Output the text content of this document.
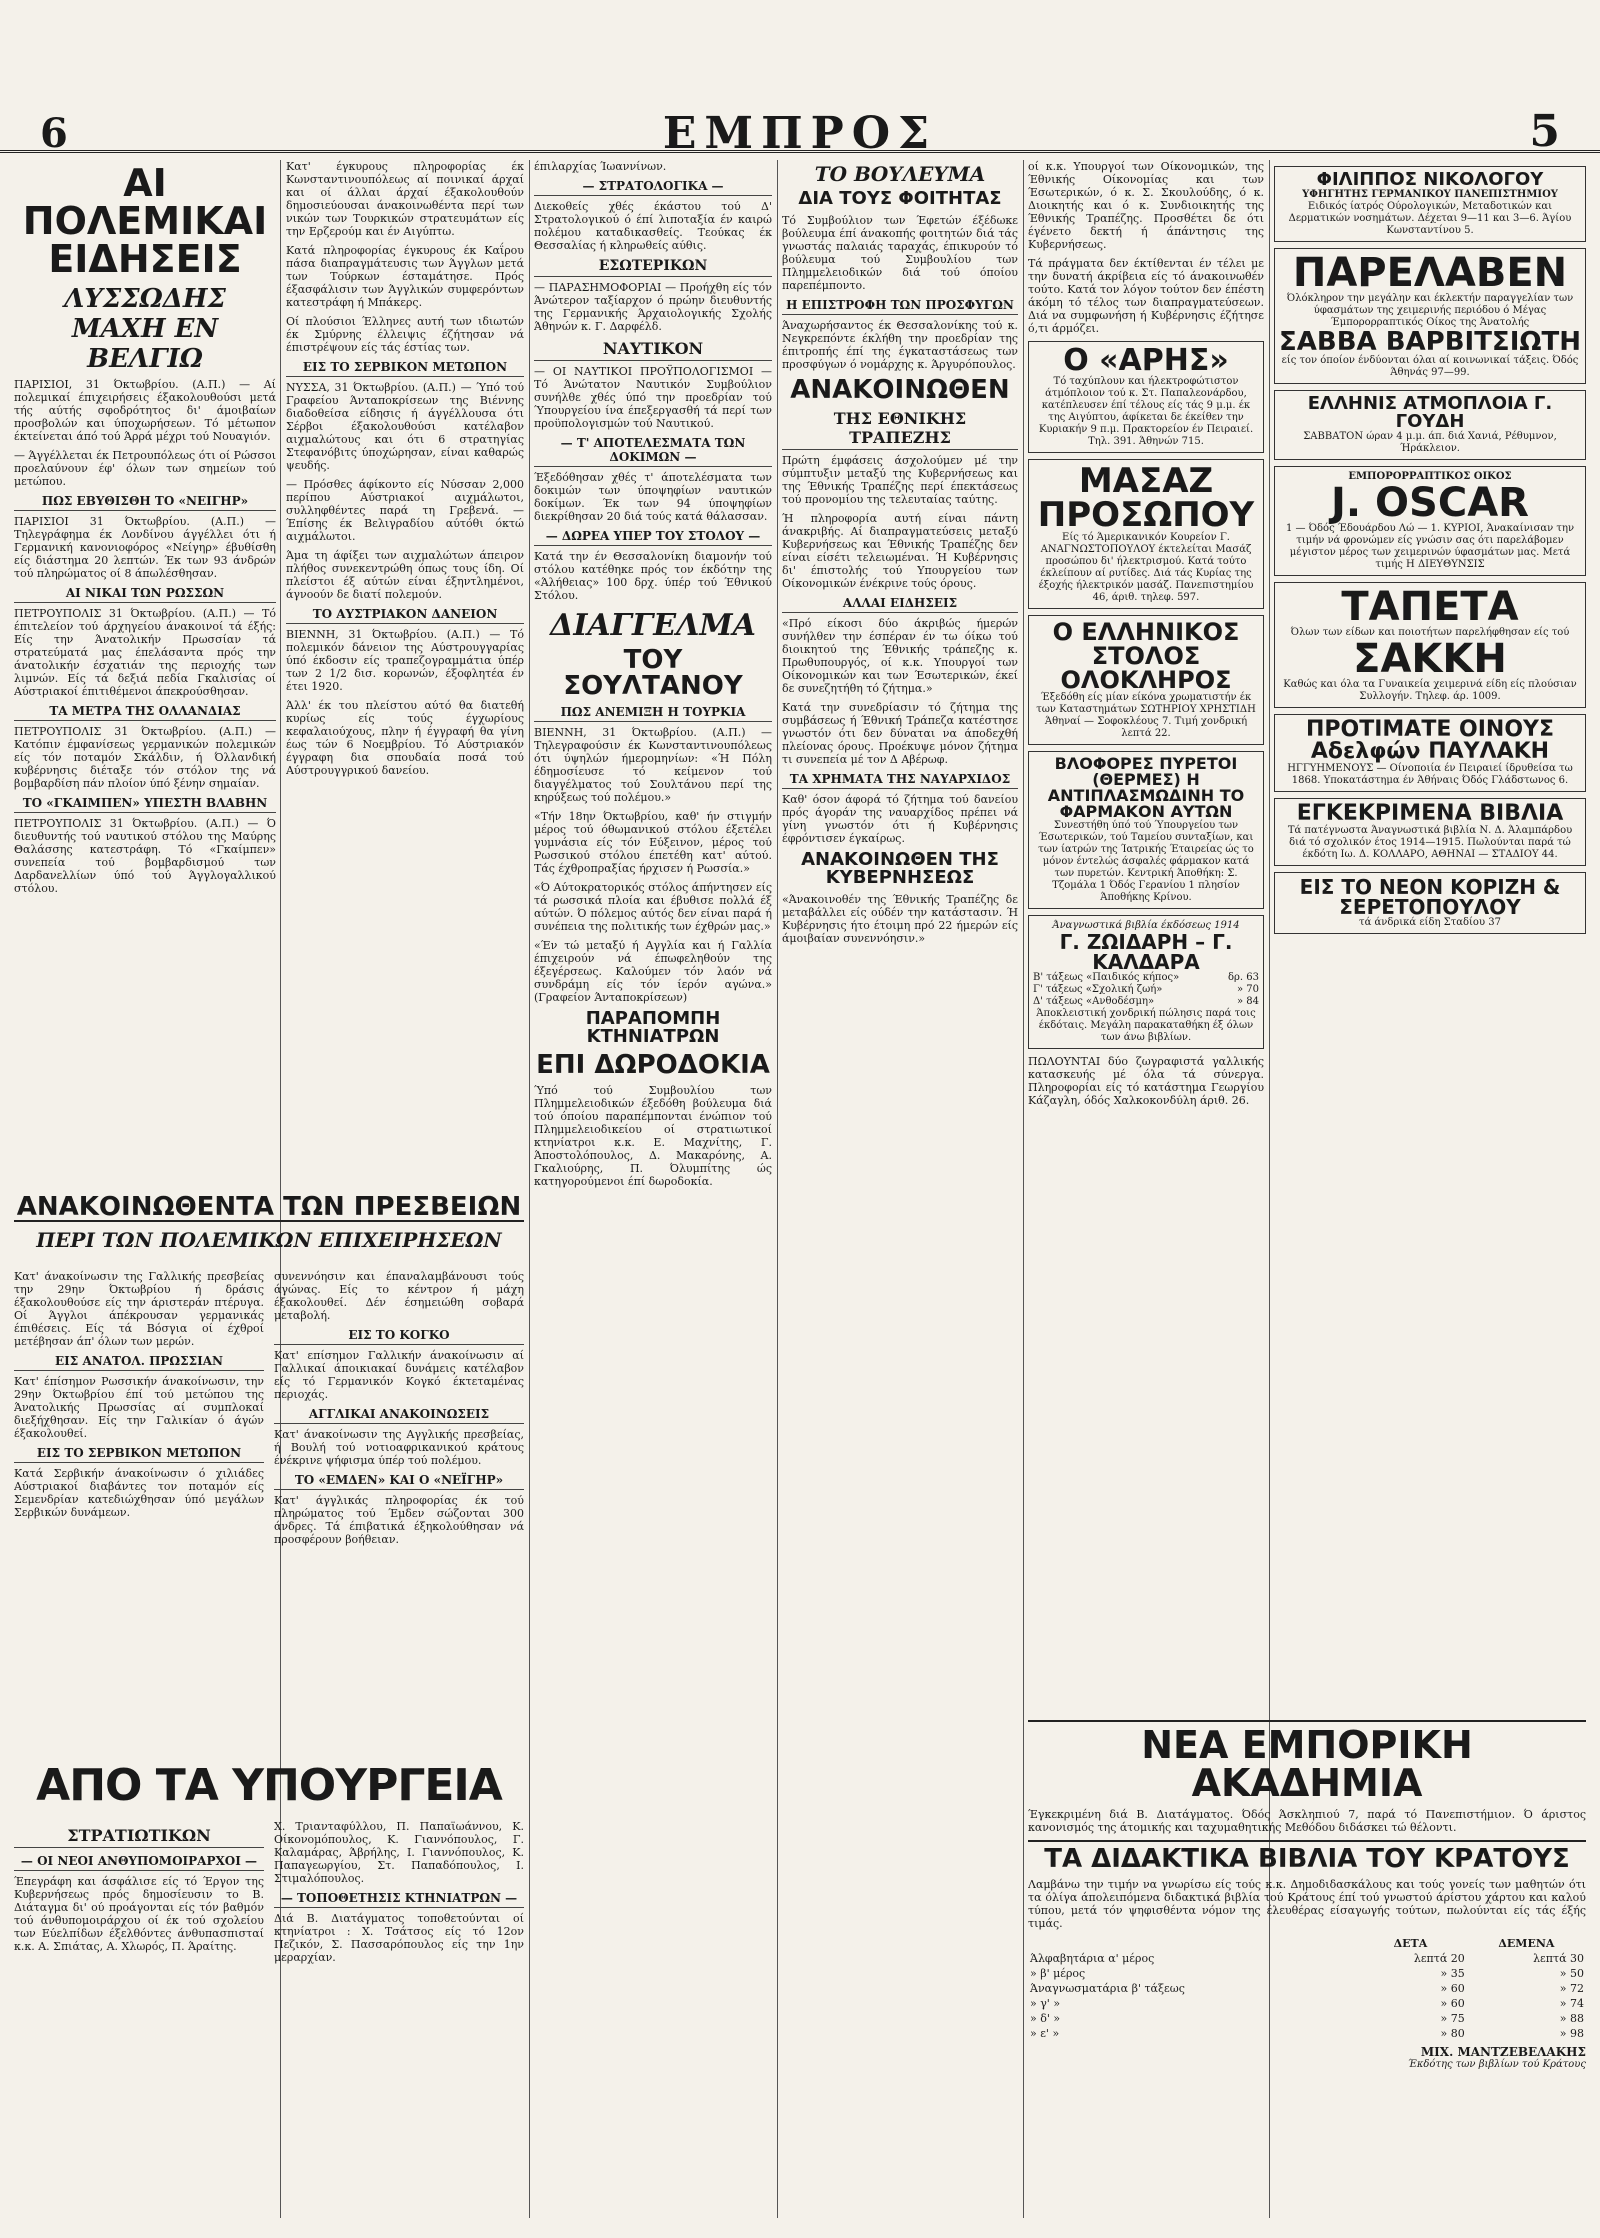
6	ΕΜΠΡΟΣ	5
ΑΙ ΠΟΛΕΜΙΚΑΙ ΕΙΔΗΣΕΙΣ
ΛΥΣΣΩΔΗΣ ΜΑΧΗ ΕΝ ΒΕΛΓΙΩ

ΠΑΡΙΣΙΟΙ, 31 Όκτωβρίου. (Α.Π.) — Αί πολεμικαί έπιχειρήσεις έξακολουθούσι μετά τής αύτής σφοδρότητος δι' άμοιβαίων προσβολών και ύποχωρήσεων. Τό μέτωπον έκτείνεται άπό τού Άρρά μέχρι τού Νουαγιόν.

— Άγγέλλεται έκ Πετρουπόλεως ότι οί Ρώσσοι προελαύνουν έφ' όλων των σημείων τού μετώπου.

ΠΩΣ ΕΒΥΘΙΣΘΗ ΤΟ «ΝΕΙΓΗΡ»

ΠΑΡΙΣΙΟΙ 31 Όκτωβρίου. (Α.Π.) — Τηλεγράφημα έκ Λονδίνου άγγέλλει ότι ή Γερμανική κανονιοφόρος «Νείγηρ» έβυθίσθη είς διάστημα 20 λεπτών. Έκ των 93 άνδρών τού πληρώματος οί 8 άπωλέσθησαν.

ΑΙ ΝΙΚΑΙ ΤΩΝ ΡΩΣΣΩΝ

ΠΕΤΡΟΥΠΟΛΙΣ 31 Όκτωβρίου. (Α.Π.) — Τό έπιτελείον τού άρχηγείου άνακοινοί τά έξής: Είς την Άνατολικήν Πρωσσίαν τά στρατεύματά μας έπελάσαντα πρός την άνατολικήν έσχατιάν της περιοχής των λιμνών. Είς τά δεξιά πεδία Γκαλισίας οί Αύστριακοί έπιτιθέμενοι άπεκρούσθησαν.

ΤΑ ΜΕΤΡΑ ΤΗΣ ΟΛΛΑΝΔΙΑΣ

ΠΕΤΡΟΥΠΟΛΙΣ 31 Όκτωβρίου. (Α.Π.) — Κατόπιν έμφανίσεως γερμανικών πολεμικών είς τόν ποταμόν Σκάλδιν, ή Όλλανδική κυβέρνησις διέταξε τόν στόλον της νά βομβαρδίση πάν πλοίον ύπό ξένην σημαίαν.

ΤΟ «ΓΚΑΙΜΠΕΝ» ΥΠΕΣΤΗ ΒΛΑΒΗΝ

ΠΕΤΡΟΥΠΟΛΙΣ 31 Όκτωβρίου. (Α.Π.) — Ό διευθυντής τού ναυτικού στόλου της Μαύρης Θαλάσσης κατεστράφη. Τό «Γκαίμπεν» συνεπεία τού βομβαρδισμού των Δαρδανελλίων ύπό τού Άγγλογαλλικού στόλου.

Κατ' έγκυρους πληροφορίας έκ Κωνσταντινουπόλεως αί ποινικαί άρχαί και οί άλλαι άρχαί έξακολουθούν δημοσιεύουσαι άνακοινωθέντα περί των νικών των Τουρκικών στρατευμάτων είς την Ερζερούμ και έν Αιγύπτω.

Κατά πληροφορίας έγκυρους έκ Καΐρου πάσα διαπραγμάτευσις των Άγγλων μετά των Τούρκων έσταμάτησε. Πρός έξασφάλισιν των Άγγλικών συμφερόντων κατεστράφη ή Μπάκερς.

Οί πλούσιοι Έλληνες αυτή των ιδιωτών έκ Σμύρνης έλλειψις έζήτησαν νά έπιστρέψουν είς τάς έστίας των.

ΕΙΣ ΤΟ ΣΕΡΒΙΚΟΝ ΜΕΤΩΠΟΝ

ΝΥΣΣΑ, 31 Όκτωβρίου. (Α.Π.) — Ύπό τού Γραφείου Άνταποκρίσεων της Βιέννης διαδοθείσα είδησις ή άγγέλλουσα ότι Σέρβοι έξακολουθούσι κατέλαβον αιχμαλώτους και ότι 6 στρατηγίας Στεφανόβιτς ύποχώρησαν, είναι καθαρώς ψευδής.

— Πρόσθες άφίκοντο είς Νύσσαν 2,000 περίπου Αύστριακοί αιχμάλωτοι, συλληφθέντες παρά τη Γρεβενά. — Έπίσης έκ Βελιγραδίου αύτόθι όκτώ αιχμάλωτοι.

Άμα τη άφίξει των αιχμαλώτων άπειρον πλήθος συνεκεντρώθη όπως τους ίδη. Οί πλείστοι έξ αύτών είναι έξηντλημένοι, άγνοούν δε διατί πολεμούν.

ΤΟ ΑΥΣΤΡΙΑΚΟΝ ΔΑΝΕΙΟΝ

ΒΙΕΝΝΗ, 31 Όκτωβρίου. (Α.Π.) — Τό πολεμικόν δάνειον της Αύστρουγγαρίας ύπό έκδοσιν είς τραπεζογραμμάτια ύπέρ των 2 1/2 δισ. κορωνών, έξοφλητέα έν έτει 1920.

Άλλ' έκ του πλείστου αύτό θα διατεθή κυρίως είς τούς έγχωρίους κεφαλαιούχους, πλην ή έγγραφή θα γίνη έως τών 6 Νοεμβρίου. Τό Αύστριακόν έγγραφη δια σπουδαία ποσά τού Αύστρουγγρικού δανείου.

ΑΝΑΚΟΙΝΩΘΕΝΤΑ ΤΩΝ ΠΡΕΣΒΕΙΩΝ
ΠΕΡΙ ΤΩΝ ΠΟΛΕΜΙΚΩΝ ΕΠΙΧΕΙΡΗΣΕΩΝ

Κατ' άνακοίνωσιν της Γαλλικής πρεσβείας την 29ην Όκτωβρίου ή δράσις έξακολουθούσε είς την άριστεράν πτέρυγα. Οί Άγγλοι άπέκρουσαν γερμανικάς έπιθέσεις. Είς τά Βόσγια οί έχθροί μετέβησαν άπ' όλων των μερών.

ΕΙΣ ΑΝΑΤΟΛ. ΠΡΩΣΣΙΑΝ

Κατ' έπίσημον Ρωσσικήν άνακοίνωσιν, την 29ην Όκτωβρίου έπί τού μετώπου της Άνατολικής Πρωσσίας αί συμπλοκαί διεξήχθησαν. Είς την Γαλικίαν ό άγών έξακολουθεί.

ΕΙΣ ΤΟ ΣΕΡΒΙΚΟΝ ΜΕΤΩΠΟΝ

Κατά Σερβικήν άνακοίνωσιν ό χιλιάδες Αύστριακοί διαβάντες τον ποταμόν είς Σεμενδρίαν κατεδιώχθησαν ύπό μεγάλων Σερβικών δυνάμεων.

συνεννόησιν και έπαναλαμβάνουσι τούς άγώνας. Είς το κέντρον ή μάχη έξακολουθεί. Δέν έσημειώθη σοβαρά μεταβολή.

ΕΙΣ ΤΟ ΚΟΓΚΟ

Κατ' επίσημον Γαλλικήν άνακοίνωσιν αί Γαλλικαί άποικιακαί δυνάμεις κατέλαβον είς τό Γερμανικόν Κογκό έκτεταμένας περιοχάς.

ΑΓΓΛΙΚΑΙ ΑΝΑΚΟΙΝΩΣΕΙΣ

Κατ' άνακοίνωσιν της Αγγλικής πρεσβείας, ή Βουλή τού νοτιοαφρικανικού κράτους ένέκρινε ψήφισμα ύπέρ τού πολέμου.

ΤΟ «ΕΜΔΕΝ» ΚΑΙ Ο «ΝΕΪΓΗΡ»

Κατ' άγγλικάς πληροφορίας έκ τού πληρώματος τού Έμδεν σώζονται 300 άνδρες. Τά έπιβατικά έξηκολούθησαν νά προσφέρουν βοήθειαν.

ΑΠΟ ΤΑ ΥΠΟΥΡΓΕΙΑ
ΣΤΡΑΤΙΩΤΙΚΩΝ
— ΟΙ ΝΕΟΙ ΑΝΘΥΠΟΜΟΙΡΑΡΧΟΙ —

Έπεγράφη και άσφάλισε είς τό Έργον της Κυβερνήσεως πρός δημοσίευσιν το Β. Διάταγμα δι' ού προάγονται είς τόν βαθμόν τού άνθυπομοιράρχου οί έκ τού σχολείου των Εύελπίδων έξελθόντες άνθυπασπισταί κ.κ. Α. Σπιάτας, Α. Χλωρός, Π. Άραίτης.

Χ. Τριανταφύλλου, Π. Παπαϊωάννου, Κ. Οίκονομόπουλος, Κ. Γιαννόπουλος, Γ. Καλαμάρας, Άβρήλης, Ι. Γιαννόπουλος, Κ. Παπαγεωργίου, Στ. Παπαδόπουλος, Ι. Στιμαλόπουλος.

— ΤΟΠΟΘΕΤΗΣΙΣ ΚΤΗΝΙΑΤΡΩΝ —

Διά Β. Διατάγματος τοποθετούνται οί κτηνίατροι : Χ. Τσάτσος είς τό 12ον Πεζικόν, Σ. Πασσαρόπουλος είς την 1ην μεραρχίαν.

έπιλαρχίας Ίωαννίνων.

— ΣΤΡΑΤΟΛΟΓΙΚΑ —

Διεκοθείς χθές έκάστου τού Δ' Στρατολογικού ό έπί λιπoταξία έν καιρώ πολέμου καταδικασθείς. Τεούκας έκ Θεσσαλίας ή κληρωθείς αύθις.

ΕΣΩΤΕΡΙΚΩΝ

— ΠΑΡΑΣΗΜΟΦΟΡΙΑΙ — Προήχθη είς τόν Άνώτερον ταξίαρχον ό πρώην διευθυντής της Γερμανικής Άρχαιολογικής Σχολής Άθηνών κ. Γ. Δαρφέλδ.

ΝΑΥΤΙΚΟΝ

— ΟΙ ΝΑΥΤΙΚΟΙ ΠΡΟΫΠΟΛΟΓΙΣΜΟΙ — Τό Άνώτατον Ναυτικόν Συμβούλιον συνήλθε χθές ύπό την προεδρίαν τού Ύπουργείου ίνα έπεξεργασθή τά περί των προϋπολογισμών τού Ναυτικού.

— Τ' ΑΠΟΤΕΛΕΣΜΑΤΑ ΤΩΝ ΔΟΚΙΜΩΝ —

Έξεδόθησαν χθές τ' άποτελέσματα των δοκιμών των ύποψηφίων ναυτικών δοκίμων. Έκ των 94 ύποψηφίων διεκρίθησαν 20 διά τούς κατά θάλασσαν.

— ΔΩΡΕΑ ΥΠΕΡ ΤΟΥ ΣΤΟΛΟΥ —

Κατά την έν Θεσσαλονίκη διαμονήν τού στόλου κατέθηκε πρός τον έκδότην της «Άλήθειας» 100 δρχ. ύπέρ τού Έθνικού Στόλου.

ΔΙΑΓΓΕΛΜΑ
ΤΟΥ ΣΟΥΛΤΑΝΟΥ
ΠΩΣ ΑΝΕΜΙΞΗ Η ΤΟΥΡΚΙΑ

ΒΙΕΝΝΗ, 31 Όκτωβρίου. (Α.Π.) — Τηλεγραφούσιν έκ Κωνσταντινουπόλεως ότι ύψηλών ήμερομηνίων: «Ή Πόλη έδημοσίευσε τό κείμενον τού διαγγέλματος τού Σουλτάνου περί της κηρύξεως τού πολέμου.»

«Τήν 18ην Όκτωβρίου, καθ' ήν στιγμήν μέρος τού όθωμανικού στόλου έξετέλει γυμνάσια είς τόν Εύξεινον, μέρος τού Ρωσσικού στόλου έπετέθη κατ' αύτού. Τάς έχθροπραξίας ήρχισεν ή Ρωσσία.»

«Ό Αύτοκρατορικός στόλος άπήντησεν είς τά ρωσσικά πλοία και έβυθισε πολλά έξ αύτών. Ό πόλεμος αύτός δεν είναι παρά ή συνέπεια της πολιτικής των έχθρών μας.»

«Έν τώ μεταξύ ή Αγγλία και ή Γαλλία έπιχειρούν νά έπωφεληθούν της έξεγέρσεως. Καλούμεν τόν λαόν νά συνδράμη είς τόν ίερόν αγώνα.» (Γραφείον Άνταποκρίσεων)

ΠΑΡΑΠΟΜΠΗ ΚΤΗΝΙΑΤΡΩΝ
ΕΠΙ ΔΩΡΟΔΟΚΙΑ

Ύπό τού Συμβουλίου των Πλημμελειοδικών έξεδόθη βούλευμα διά τού όποίου παραπέμπονται ένώπιον τού Πλημμελειοδικείου οί στρατιωτικοί κτηνίατροι κ.κ. Ε. Μαχνίτης, Γ. Άποστολόπουλος, Δ. Μακαρόνης, Α. Γκαλιούρης, Π. Όλυμπίτης ώς κατηγορούμενοι έπί δωροδοκία.

ΤΟ ΒΟΥΛΕΥΜΑ
ΔΙΑ ΤΟΥΣ ΦΟΙΤΗΤΑΣ

Τό Συμβούλιον των Έφετών έξέδωκε βούλευμα έπί άνακοπής φοιτητών διά τάς γνωστάς παλαιάς ταραχάς, έπικυρούν τό βούλευμα τού Συμβουλίου των Πλημμελειοδικών διά τού όποίου παρεπέμποντο.

Η ΕΠΙΣΤΡΟΦΗ ΤΩΝ ΠΡΟΣΦΥΓΩΝ

Άναχωρήσαντος έκ Θεσσαλονίκης τού κ. Νεγκρεπόντε έκλήθη την προεδρίαν της έπιτροπής έπί της έγκαταστάσεως των προσφύγων ό νομάρχης κ. Άργυρόπουλος.

ΑΝΑΚΟΙΝΩΘΕΝ
ΤΗΣ ΕΘΝΙΚΗΣ ΤΡΑΠΕΖΗΣ

Πρώτη έμφάσεις άσχολούμεν μέ την σύμπτυξιν μεταξύ της Κυβερνήσεως και της Έθνικής Τραπέζης περί έπεκτάσεως τού προνομίου της τελευταίας ταύτης.

Ή πληροφορία αυτή είναι πάντη άνακριβής. Αί διαπραγματεύσεις μεταξύ Κυβερνήσεως και Έθνικής Τραπέζης δεν είναι είσέτι τελειωμέναι. Ή Κυβέρνησις δι' έπιστολής τού Υπουργείου των Οίκονομικών ένέκρινε τούς όρους.

ΑΛΛΑΙ ΕΙΔΗΣΕΙΣ

«Πρό είκοσι δύο άκριβώς ήμερών συνήλθεν την έσπέραν έν τω όίκω τού διοικητού της Έθνικής τράπεζης κ. Πρωθυπουργός, οί κ.κ. Υπουργοί των Οίκονομικών και των Έσωτερικών, έκεί δε συνεζητήθη τό ζήτημα.»

Κατά την συνεδρίασιν τό ζήτημα της συμβάσεως ή Έθνική Τράπεζα κατέστησε γνωστόν ότι δεν δύναται να άποδεχθή πλείονας όρους. Προέκυψε μόνον ζήτημα τι συνεπεία μέ τον Δ Αβέρωφ.

ΤΑ ΧΡΗΜΑΤΑ ΤΗΣ ΝΑΥΑΡΧΙΔΟΣ

Καθ' όσον άφορά τό ζήτημα τού δανείου πρός άγοράν της ναυαρχίδος πρέπει νά γίνη γνωστόν ότι ή Κυβέρνησις έφρόντισεν έγκαίρως.

ΑΝΑΚΟΙΝΩΘΕΝ ΤΗΣ ΚΥΒΕΡΝΗΣΕΩΣ

«Άνακοινοθέν της Έθνικής Τραπέζης δε μεταβάλλει είς ούδέν την κατάστασιν. Ή Κυβέρνησις ήτο έτοιμη πρό 22 ήμερών είς άμοιβαίαν συνεννόησιν.»

οί κ.κ. Υπουργοί των Οίκονομικών, της Έθνικής Οίκονομίας και των Έσωτερικών, ό κ. Σ. Σκουλούδης, ό κ. Διοικητής και ό κ. Συνδιοικητής της Έθνικής Τραπέζης. Προσθέτει δε ότι έγένετο δεκτή ή άπάντησις της Κυβερνήσεως.

Τά πράγματα δεν έκτίθενται έν τέλει με την δυνατή άκρίβεια είς τό άνακοινωθέν τούτο. Κατά τον λόγον τούτον δεν έπέστη άκόμη τό τέλος των διαπραγματεύσεων. Διά να συμφωνήση ή Κυβέρνησις έζήτησε ό,τι άρμόζει.

Ο «ΑΡΗΣ»
Τό ταχύπλουν και ήλεκτροφώτιστον άτμόπλοιον τού κ. Στ. Παπαλεονάρδου, κατέπλευσεν έπί τέλους είς τάς 9 μ.μ. έκ της Αιγύπτου, άφίκεται δε έκείθεν την Κυριακήν 9 π.μ. Πρακτορείον έν Πειραιεί. Τηλ. 391. Άθηνών 715.
ΜΑΣΑΖ ΠΡΟΣΩΠΟΥ
Είς τό Άμερικανικόν Κουρείον Γ. ΑΝΑΓΝΩΣΤΟΠΟΥΛΟΥ έκτελείται Μασάζ προσώπου δι' ήλεκτρισμού. Κατά τούτο έκλείπουν αί ρυτίδες. Διά τάς Κυρίας της έξοχής ήλεκτρικόν μασάζ. Πανεπιστημίου 46, άριθ. τηλεφ. 597.
Ο ΕΛΛΗΝΙΚΟΣ ΣΤΟΛΟΣ ΟΛΟΚΛΗΡΟΣ
Έξεδόθη είς μίαν είκόνα χρωματιστήν έκ των Καταστημάτων ΣΩΤΗΡΙΟΥ ΧΡΗΣΤΙΔΗ Άθηναί — Σοφοκλέους 7. Τιμή χονδρική λεπτά 22.
ΒΛΟΦΟΡΕΣ ΠΥΡΕΤΟΙ (ΘΕΡΜΕΣ) Η ΑΝΤΙΠΛΑΣΜΩΔΙΝΗ ΤΟ ΦΑΡΜΑΚΟΝ ΑΥΤΩΝ
Συνεστήθη ύπό τού Ύπουργείου των Έσωτερικών, τού Ταμείου συνταξίων, και των ίατρών της Ίατρικής Έταιρείας ώς το μόνον έντελώς άσφαλές φάρμακον κατά των πυρετών. Κεντρική Άποθήκη: Σ. Τζομάλα 1 Όδός Γερανίου 1 πλησίον Άποθήκης Κρίνου.
Άναγνωστικά βιβλία έκδόσεως 1914
Γ. ΖΩΙΔΑΡΗ – Γ. ΚΑΛΔΑΡΑ
Β' τάξεως «Παιδικός κήπος»	δρ. 63
Γ' τάξεως «Σχολική ζωή»	» 70
Δ' τάξεως «Ανθοδέσμη»	» 84
Άποκλειστική χονδρική πώλησις παρά τοις έκδόταις. Μεγάλη παρακαταθήκη έξ όλων των άνω βιβλίων.

ΠΩΛΟΥΝΤΑΙ δύο ζωγραφιστά γαλλικής κατασκευής μέ όλα τά σύνεργα. Πληροφορίαι είς τό κατάστημα Γεωργίου Κάζαγλη, όδός Χαλκοκονδύλη άριθ. 26.

ΦΙΛΙΠΠΟΣ ΝΙΚΟΛΟΓΟΥ
ΥΦΗΓΗΤΗΣ ΓΕΡΜΑΝΙΚΟΥ ΠΑΝΕΠΙΣΤΗΜΙΟΥ
Ειδικός ίατρός Ούρολογικών, Μεταδοτικών και Δερματικών νοσημάτων. Δέχεται 9—11 και 3—6. Άγίου Κωνσταντίνου 5.
ΠΑΡΕΛΑΒΕΝ
Όλόκληρον την μεγάλην και έκλεκτήν παραγγελίαν των ύφασμάτων της χειμερινής περιόδου ό Μέγας Έμπορορραπτικός Οίκος της Άνατολής
ΣΑΒΒΑ ΒΑΡΒΙΤΣΙΩΤΗ
είς τον όποίον ένδύονται όλαι αί κοινωνικαί τάξεις. Όδός Άθηνάς 97—99.
ΕΛΛΗΝΙΣ ΑΤΜΟΠΛΟΙΑ Γ. ΓΟΥΔΗ
ΣΑΒΒΑΤΟΝ ώραν 4 μ.μ. άπ. διά Χανιά, Ρέθυμνον, Ήράκλειον.
ΕΜΠΟΡΟΡΡΑΠΤΙΚΟΣ ΟΙΚΟΣ
J. OSCAR
1 — Όδός Έδουάρδου Λώ — 1. ΚΥΡΙΟΙ, Άνακαίνισαν την τιμήν νά φρονώμεν είς γνώσιν σας ότι παρελάβομεν μέγιστον μέρος των χειμερινών ύφασμάτων μας. Μετά τιμής Η ΔΙΕΥΘΥΝΣΙΣ
ΤΑΠΕΤΑ
Όλων των είδων και ποιοτήτων παρελήφθησαν είς τού
ΣΑΚΚΗ
Καθώς και όλα τα Γυναικεία χειμερινά είδη είς πλούσιαν Συλλογήν. Τηλεφ. άρ. 1009.
ΠΡΟΤΙΜΑΤΕ ΟΙΝΟΥΣ Αδελφών ΠΑΥΛΑΚΗ
ΗΓΓΥΗΜΕΝΟΥΣ — Οίνοποιία έν Πειραιεί ίδρυθείσα τω 1868. Υποκατάστημα έν Άθήναις Όδός Γλάδστωνος 6.
ΕΓΚΕΚΡΙΜΕΝΑ ΒΙΒΛΙΑ
Τά πατέγνωστα Άναγνωστικά βιβλία Ν. Δ. Άλαμπάρδου διά τό σχολικόν έτος 1914—1915. Πωλούνται παρά τώ έκδότη Ιω. Δ. ΚΟΛΛΑΡΟ, ΑΘΗΝΑΙ — ΣΤΑΔΙΟΥ 44.
ΕΙΣ ΤΟ ΝΕΟΝ ΚΟΡΙΖΗ & ΣΕΡΕΤΟΠΟΥΛΟΥ
τά άνδρικά είδη Σταδίου 37
ΝΕΑ ΕΜΠΟΡΙΚΗ ΑΚΑΔΗΜΙΑ

Έγκεκριμένη διά Β. Διατάγματος. Όδός Άσκληπιού 7, παρά τό Πανεπιστήμιον. Ό άριστος κανονισμός της άτομικής και ταχυμαθητικής Μεθόδου διδάσκει τώ θέλοντι.

ΤΑ ΔΙΔΑΚΤΙΚΑ ΒΙΒΛΙΑ ΤΟΥ ΚΡΑΤΟΥΣ

Λαμβάνω την τιμήν να γνωρίσω είς τούς κ.κ. Δημοδιδασκάλους και τούς γονείς των μαθητών ότι τα όλίγα άπολειπόμενα διδακτικά βιβλία τού Κράτους έπί τού γνωστού άρίστου χάρτου και καλού τύπου, μετά τόν ψηφισθέντα νόμον της έλευθέρας είσαγωγής τούτων, πωλούνται είς τάς έξής τιμάς.

	ΔΕΤΑ	ΔΕΜΕΝΑ
Άλφαβητάρια α' μέρος	λεπτά 20	λεπτά 30
» β' μέρος	» 35	» 50
Άναγνωσματάρια β' τάξεως	» 60	» 72
» γ' »	» 60	» 74
» δ' »	» 75	» 88
» ε' »	» 80	» 98
ΜΙΧ. ΜΑΝΤΖΕΒΕΛΑΚΗΣ
Έκδότης των βιβλίων τού Κράτους
